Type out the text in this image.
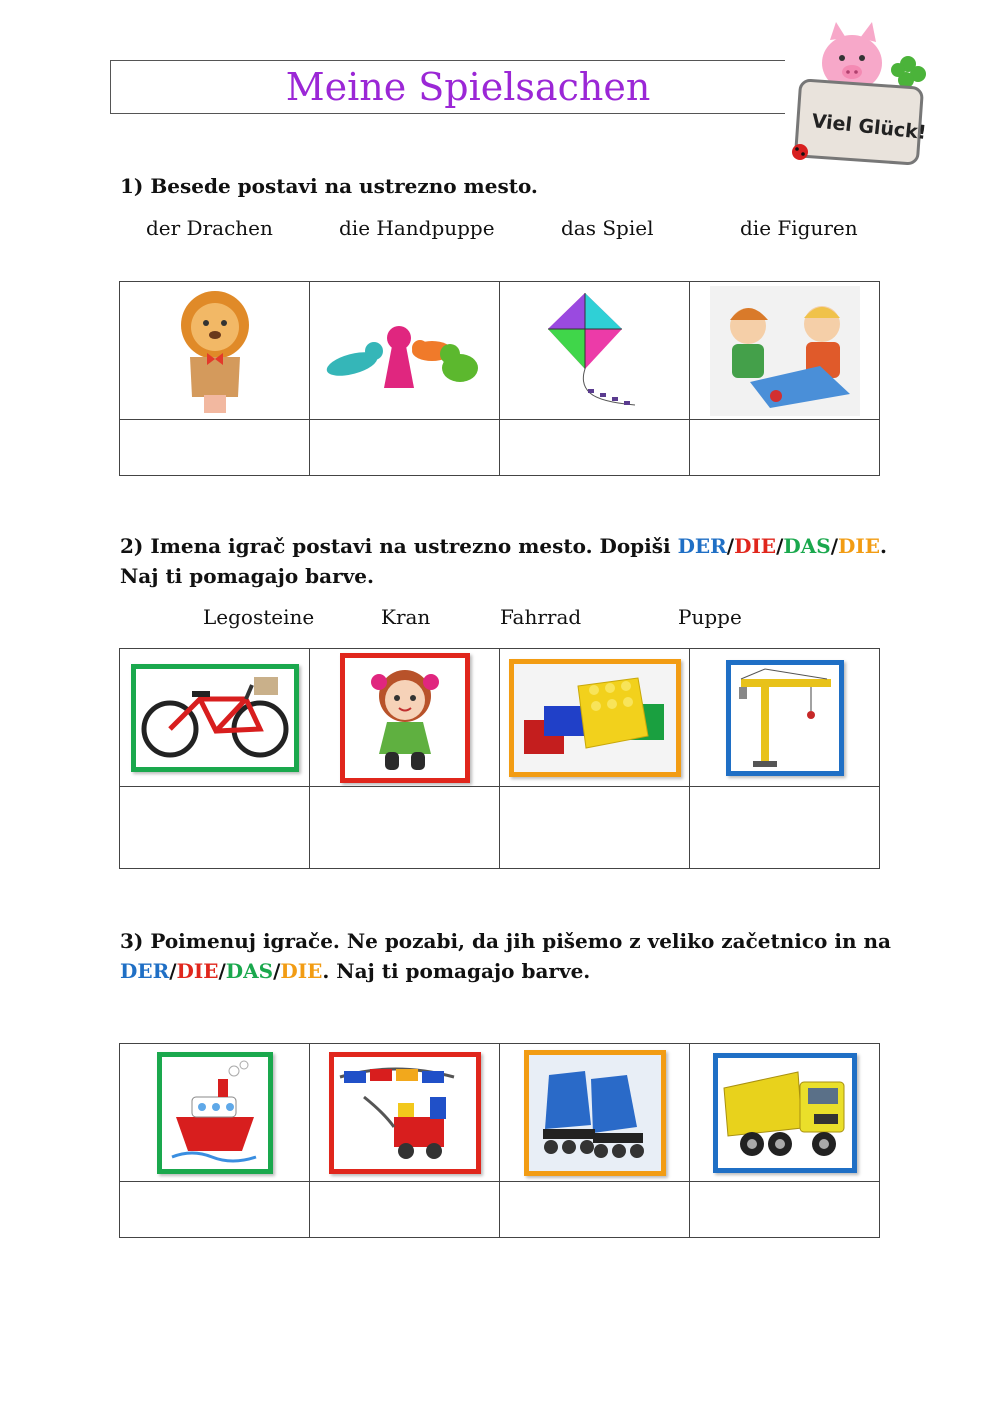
Meine Spielsachen
Viel Glück!
1) Besede postavi na ustrezno mesto.
der Drachen	die Handpuppe	das Spiel	die Figuren

2) Imena igrač postavi na ustrezno mesto. Dopiši DER/DIE/DAS/DIE.
Naj ti pomagajo barve.
Legosteine	Kran	Fahrrad	Puppe

3) Poimenuj igrače. Ne pozabi, da jih pišemo z veliko začetnico in na
DER/DIE/DAS/DIE. Naj ti pomagajo barve.
